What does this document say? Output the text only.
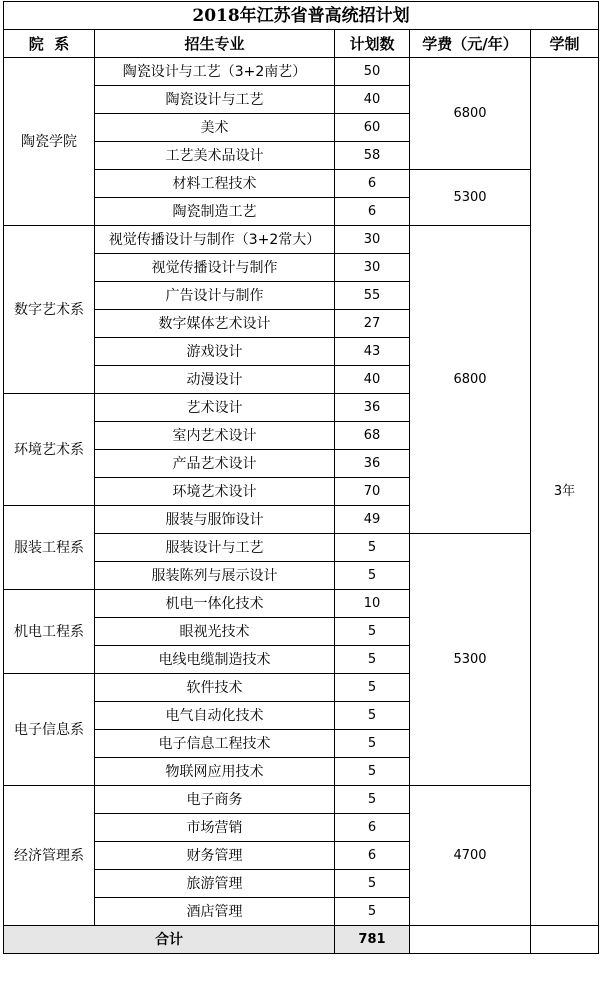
2018年江苏省普高统招计划				
院  系	招生专业	计划数	学费（元/年）	学制
陶瓷学院	陶瓷设计与工艺（3+2南艺）	50	6800	3年
	陶瓷设计与工艺	40		
	美术	60		
	工艺美术品设计	58		
	材料工程技术	6	5300	
	陶瓷制造工艺	6		
数字艺术系	视觉传播设计与制作（3+2常大）	30	6800	
	视觉传播设计与制作	30		
	广告设计与制作	55		
	数字媒体艺术设计	27		
	游戏设计	43		
	动漫设计	40		
环境艺术系	艺术设计	36		
	室内艺术设计	68		
	产品艺术设计	36		
	环境艺术设计	70		
服装工程系	服装与服饰设计	49		
	服装设计与工艺	5	5300	
	服装陈列与展示设计	5		
机电工程系	机电一体化技术	10		
	眼视光技术	5		
	电线电缆制造技术	5		
电子信息系	软件技术	5		
	电气自动化技术	5		
	电子信息工程技术	5		
	物联网应用技术	5		
经济管理系	电子商务	5	4700	
	市场营销	6		
	财务管理	6		
	旅游管理	5		
	酒店管理	5		
合计		781		
